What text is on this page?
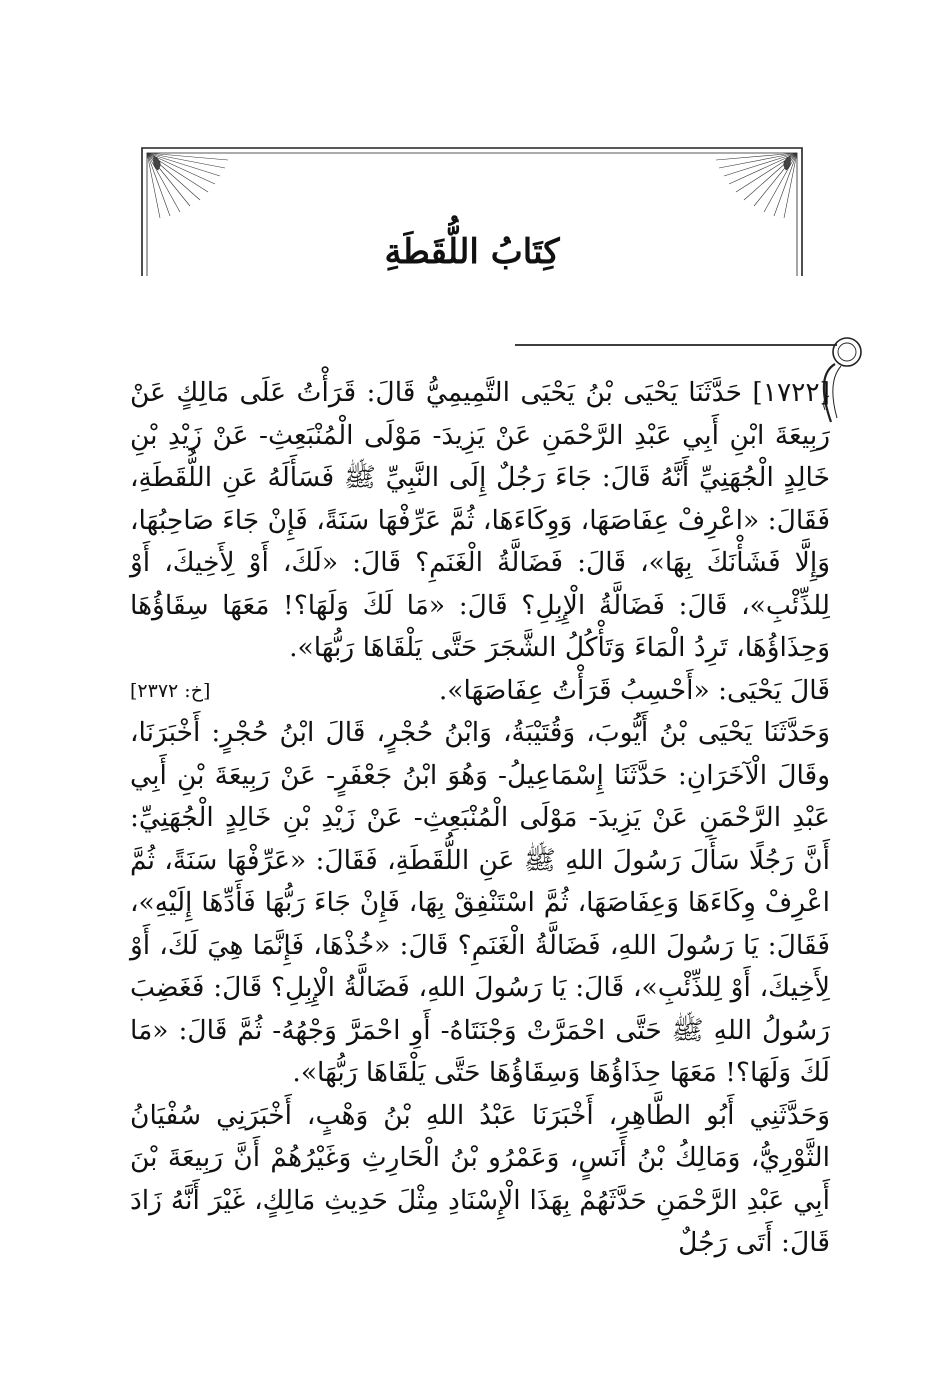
كِتَابُ اللُّقَطَةِ

[١٧٢٢] حَدَّثَنَا يَحْيَى بْنُ يَحْيَى التَّمِيمِيُّ قَالَ: قَرَأْتُ عَلَى مَالِكٍ عَنْ رَبِيعَةَ ابْنِ أَبِي عَبْدِ الرَّحْمَنِ عَنْ يَزِيدَ- مَوْلَى الْمُنْبَعِثِ- عَنْ زَيْدِ بْنِ خَالِدٍ الْجُهَنِيِّ أَنَّهُ قَالَ: جَاءَ رَجُلٌ إِلَى النَّبِيِّ ﷺ فَسَأَلَهُ عَنِ اللُّقَطَةِ، فَقَالَ: «اعْرِفْ عِفَاصَهَا، وَوِكَاءَهَا، ثُمَّ عَرِّفْهَا سَنَةً، فَإِنْ جَاءَ صَاحِبُهَا، وَإِلَّا فَشَأْنَكَ بِهَا»، قَالَ: فَضَالَّةُ الْغَنَمِ؟ قَالَ: «لَكَ، أَوْ لِأَخِيكَ، أَوْ لِلذِّئْبِ»، قَالَ: فَضَالَّةُ الْإِبِلِ؟ قَالَ: «مَا لَكَ وَلَهَا؟! مَعَهَا سِقَاؤُهَا وَحِذَاؤُهَا، تَرِدُ الْمَاءَ وَتَأْكُلُ الشَّجَرَ حَتَّى يَلْقَاهَا رَبُّهَا».

قَالَ يَحْيَى: «أَحْسِبُ قَرَأْتُ عِفَاصَهَا».
[خ: ٢٣٧٢]

وَحَدَّثَنَا يَحْيَى بْنُ أَيُّوبَ، وَقُتَيْبَةُ، وَابْنُ حُجْرٍ، قَالَ ابْنُ حُجْرٍ: أَخْبَرَنَا، وقَالَ الْآخَرَانِ: حَدَّثَنَا إِسْمَاعِيلُ- وَهُوَ ابْنُ جَعْفَرٍ- عَنْ رَبِيعَةَ بْنِ أَبِي عَبْدِ الرَّحْمَنِ عَنْ يَزِيدَ- مَوْلَى الْمُنْبَعِثِ- عَنْ زَيْدِ بْنِ خَالِدٍ الْجُهَنِيِّ: أَنَّ رَجُلًا سَأَلَ رَسُولَ اللهِ ﷺ عَنِ اللُّقَطَةِ، فَقَالَ: «عَرِّفْهَا سَنَةً، ثُمَّ اعْرِفْ وِكَاءَهَا وَعِفَاصَهَا، ثُمَّ اسْتَنْفِقْ بِهَا، فَإِنْ جَاءَ رَبُّهَا فَأَدِّهَا إِلَيْهِ»، فَقَالَ: يَا رَسُولَ اللهِ، فَضَالَّةُ الْغَنَمِ؟ قَالَ: «خُذْهَا، فَإِنَّمَا هِيَ لَكَ، أَوْ لِأَخِيكَ، أَوْ لِلذِّئْبِ»، قَالَ: يَا رَسُولَ اللهِ، فَضَالَّةُ الْإِبِلِ؟ قَالَ: فَغَضِبَ رَسُولُ اللهِ ﷺ حَتَّى احْمَرَّتْ وَجْنَتَاهُ- أَوِ احْمَرَّ وَجْهُهُ- ثُمَّ قَالَ: «مَا لَكَ وَلَهَا؟! مَعَهَا حِذَاؤُهَا وَسِقَاؤُهَا حَتَّى يَلْقَاهَا رَبُّهَا».

وَحَدَّثَنِي أَبُو الطَّاهِرِ، أَخْبَرَنَا عَبْدُ اللهِ بْنُ وَهْبٍ، أَخْبَرَنِي سُفْيَانُ الثَّوْرِيُّ، وَمَالِكُ بْنُ أَنَسٍ، وَعَمْرُو بْنُ الْحَارِثِ وَغَيْرُهُمْ أَنَّ رَبِيعَةَ بْنَ أَبِي عَبْدِ الرَّحْمَنِ حَدَّثَهُمْ بِهَذَا الْإِسْنَادِ مِثْلَ حَدِيثِ مَالِكٍ، غَيْرَ أَنَّهُ زَادَ قَالَ: أَتَى رَجُلٌ
